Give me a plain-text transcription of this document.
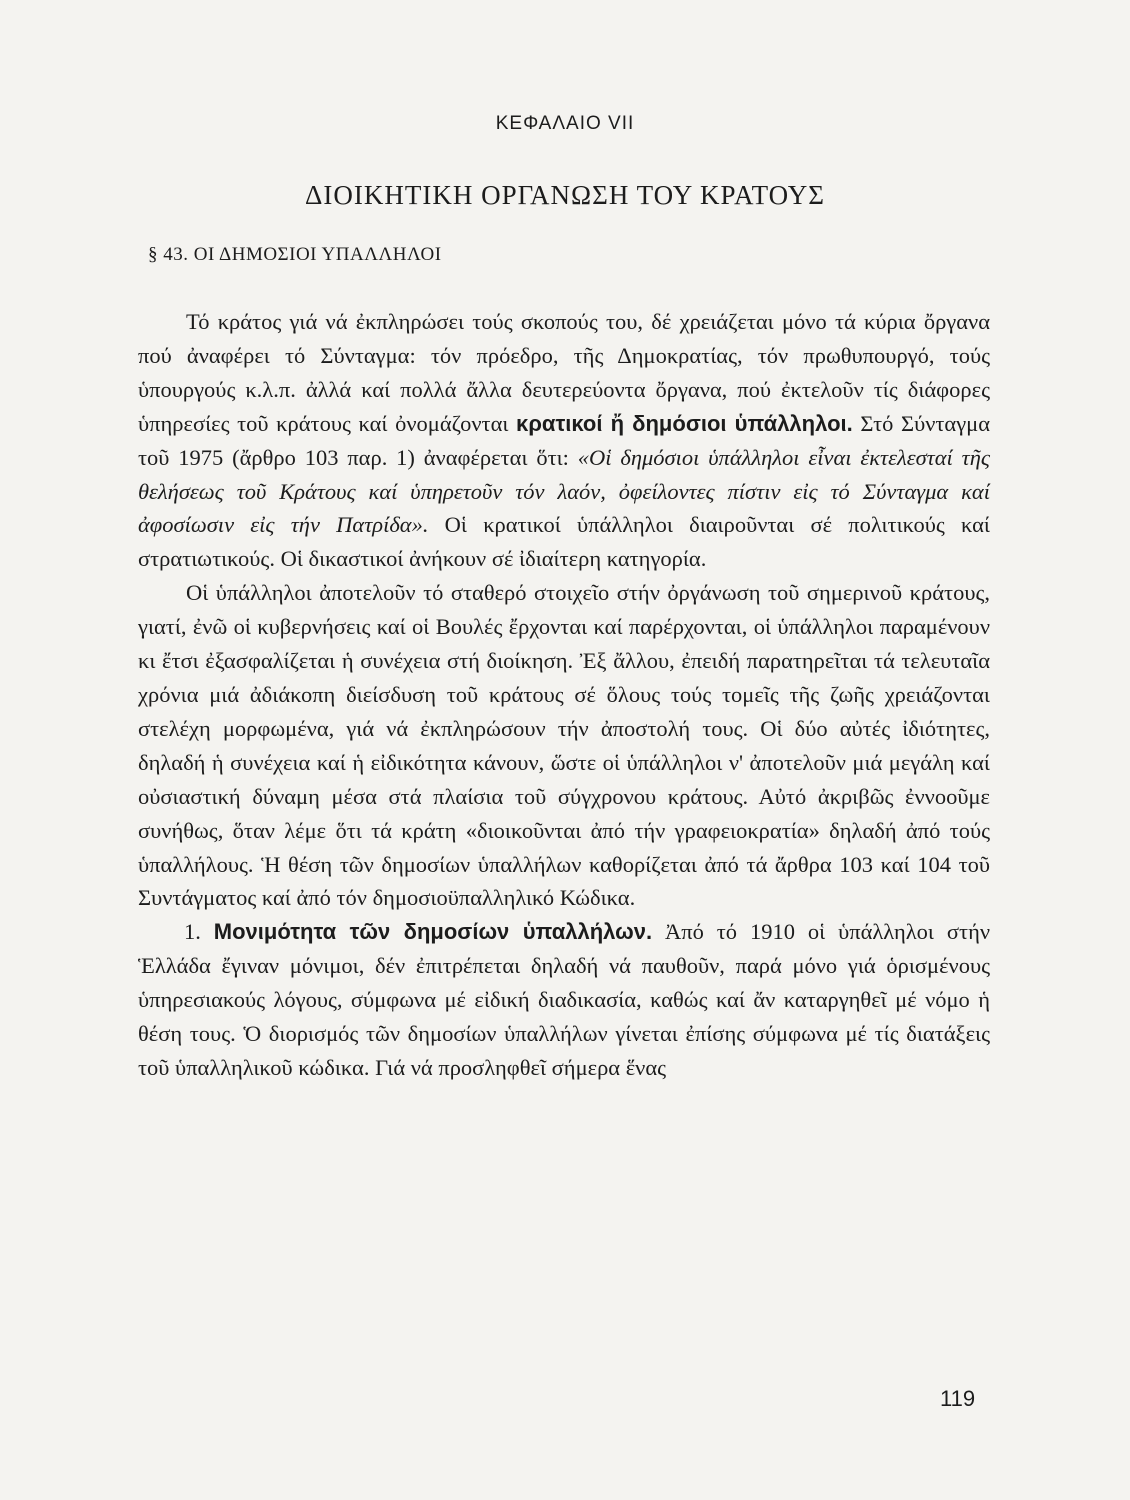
ΚΕΦΑΛΑΙΟ VII
ΔΙΟΙΚΗΤΙΚΗ ΟΡΓΑΝΩΣΗ ΤΟΥ ΚΡΑΤΟΥΣ
§ 43. ΟΙ ΔΗΜΟΣΙΟΙ ΥΠΑΛΛΗΛΟΙ

Τό κράτος γιά νά ἐκπληρώσει τούς σκοπούς του, δέ χρειάζεται μόνο τά κύρια ὄργανα πού ἀναφέρει τό Σύνταγμα: τόν πρόεδρο, τῆς Δημοκρατίας, τόν πρωθυπουργό, τούς ὑπουργούς κ.λ.π. ἀλλά καί πολλά ἄλλα δευτερεύοντα ὄργανα, πού ἐκτελοῦν τίς διάφορες ὑπηρεσίες τοῦ κράτους καί ὀνομάζονται κρατικοί ἤ δημόσιοι ὑπάλληλοι. Στό Σύνταγμα τοῦ 1975 (ἄρθρο 103 παρ. 1) ἀναφέρεται ὅτι: «Οἱ δημόσιοι ὑπάλληλοι εἶναι ἐκτελεσταί τῆς θελήσεως τοῦ Κράτους καί ὑπηρετοῦν τόν λαόν, ὀφείλοντες πίστιν εἰς τό Σύνταγμα καί ἀφοσίωσιν εἰς τήν Πατρίδα». Οἱ κρατικοί ὑπάλληλοι διαιροῦνται σέ πολιτικούς καί στρατιωτικούς. Οἱ δικαστικοί ἀνήκουν σέ ἰδιαίτερη κατηγορία.

Οἱ ὑπάλληλοι ἀποτελοῦν τό σταθερό στοιχεῖο στήν ὀργάνωση τοῦ σημερινοῦ κράτους, γιατί, ἐνῶ οἱ κυβερνήσεις καί οἱ Βουλές ἔρχονται καί παρέρχονται, οἱ ὑπάλληλοι παραμένουν κι ἔτσι ἐξασφαλίζεται ἡ συνέχεια στή διοίκηση. Ἐξ ἄλλου, ἐπειδή παρατηρεῖται τά τελευταῖα χρόνια μιά ἀδιάκοπη διείσδυση τοῦ κράτους σέ ὅλους τούς τομεῖς τῆς ζωῆς χρειάζονται στελέχη μορφωμένα, γιά νά ἐκπληρώσουν τήν ἀποστολή τους. Οἱ δύο αὐτές ἰδιότητες, δηλαδή ἡ συνέχεια καί ἡ εἰδικότητα κάνουν, ὥστε οἱ ὑπάλληλοι ν' ἀποτελοῦν μιά μεγάλη καί οὐσιαστική δύναμη μέσα στά πλαίσια τοῦ σύγχρονου κράτους. Αὐτό ἀκριβῶς ἐννοοῦμε συνήθως, ὅταν λέμε ὅτι τά κράτη «διοικοῦνται ἀπό τήν γραφειοκρατία» δηλαδή ἀπό τούς ὑπαλλήλους. Ἡ θέση τῶν δημοσίων ὑπαλλήλων καθορίζεται ἀπό τά ἄρθρα 103 καί 104 τοῦ Συντάγματος καί ἀπό τόν δημοσιοϋπαλληλικό Κώδικα.

1. Μονιμότητα τῶν δημοσίων ὑπαλλήλων. Ἀπό τό 1910 οἱ ὑπάλληλοι στήν Ἑλλάδα ἔγιναν μόνιμοι, δέν ἐπιτρέπεται δηλαδή νά παυθοῦν, παρά μόνο γιά ὁρισμένους ὑπηρεσιακούς λόγους, σύμφωνα μέ εἰδική διαδικασία, καθώς καί ἄν καταργηθεῖ μέ νόμο ἡ θέση τους. Ὁ διορισμός τῶν δημοσίων ὑπαλλήλων γίνεται ἐπίσης σύμφωνα μέ τίς διατάξεις τοῦ ὑπαλληλικοῦ κώδικα. Γιά νά προσληφθεῖ σήμερα ἕνας

119
